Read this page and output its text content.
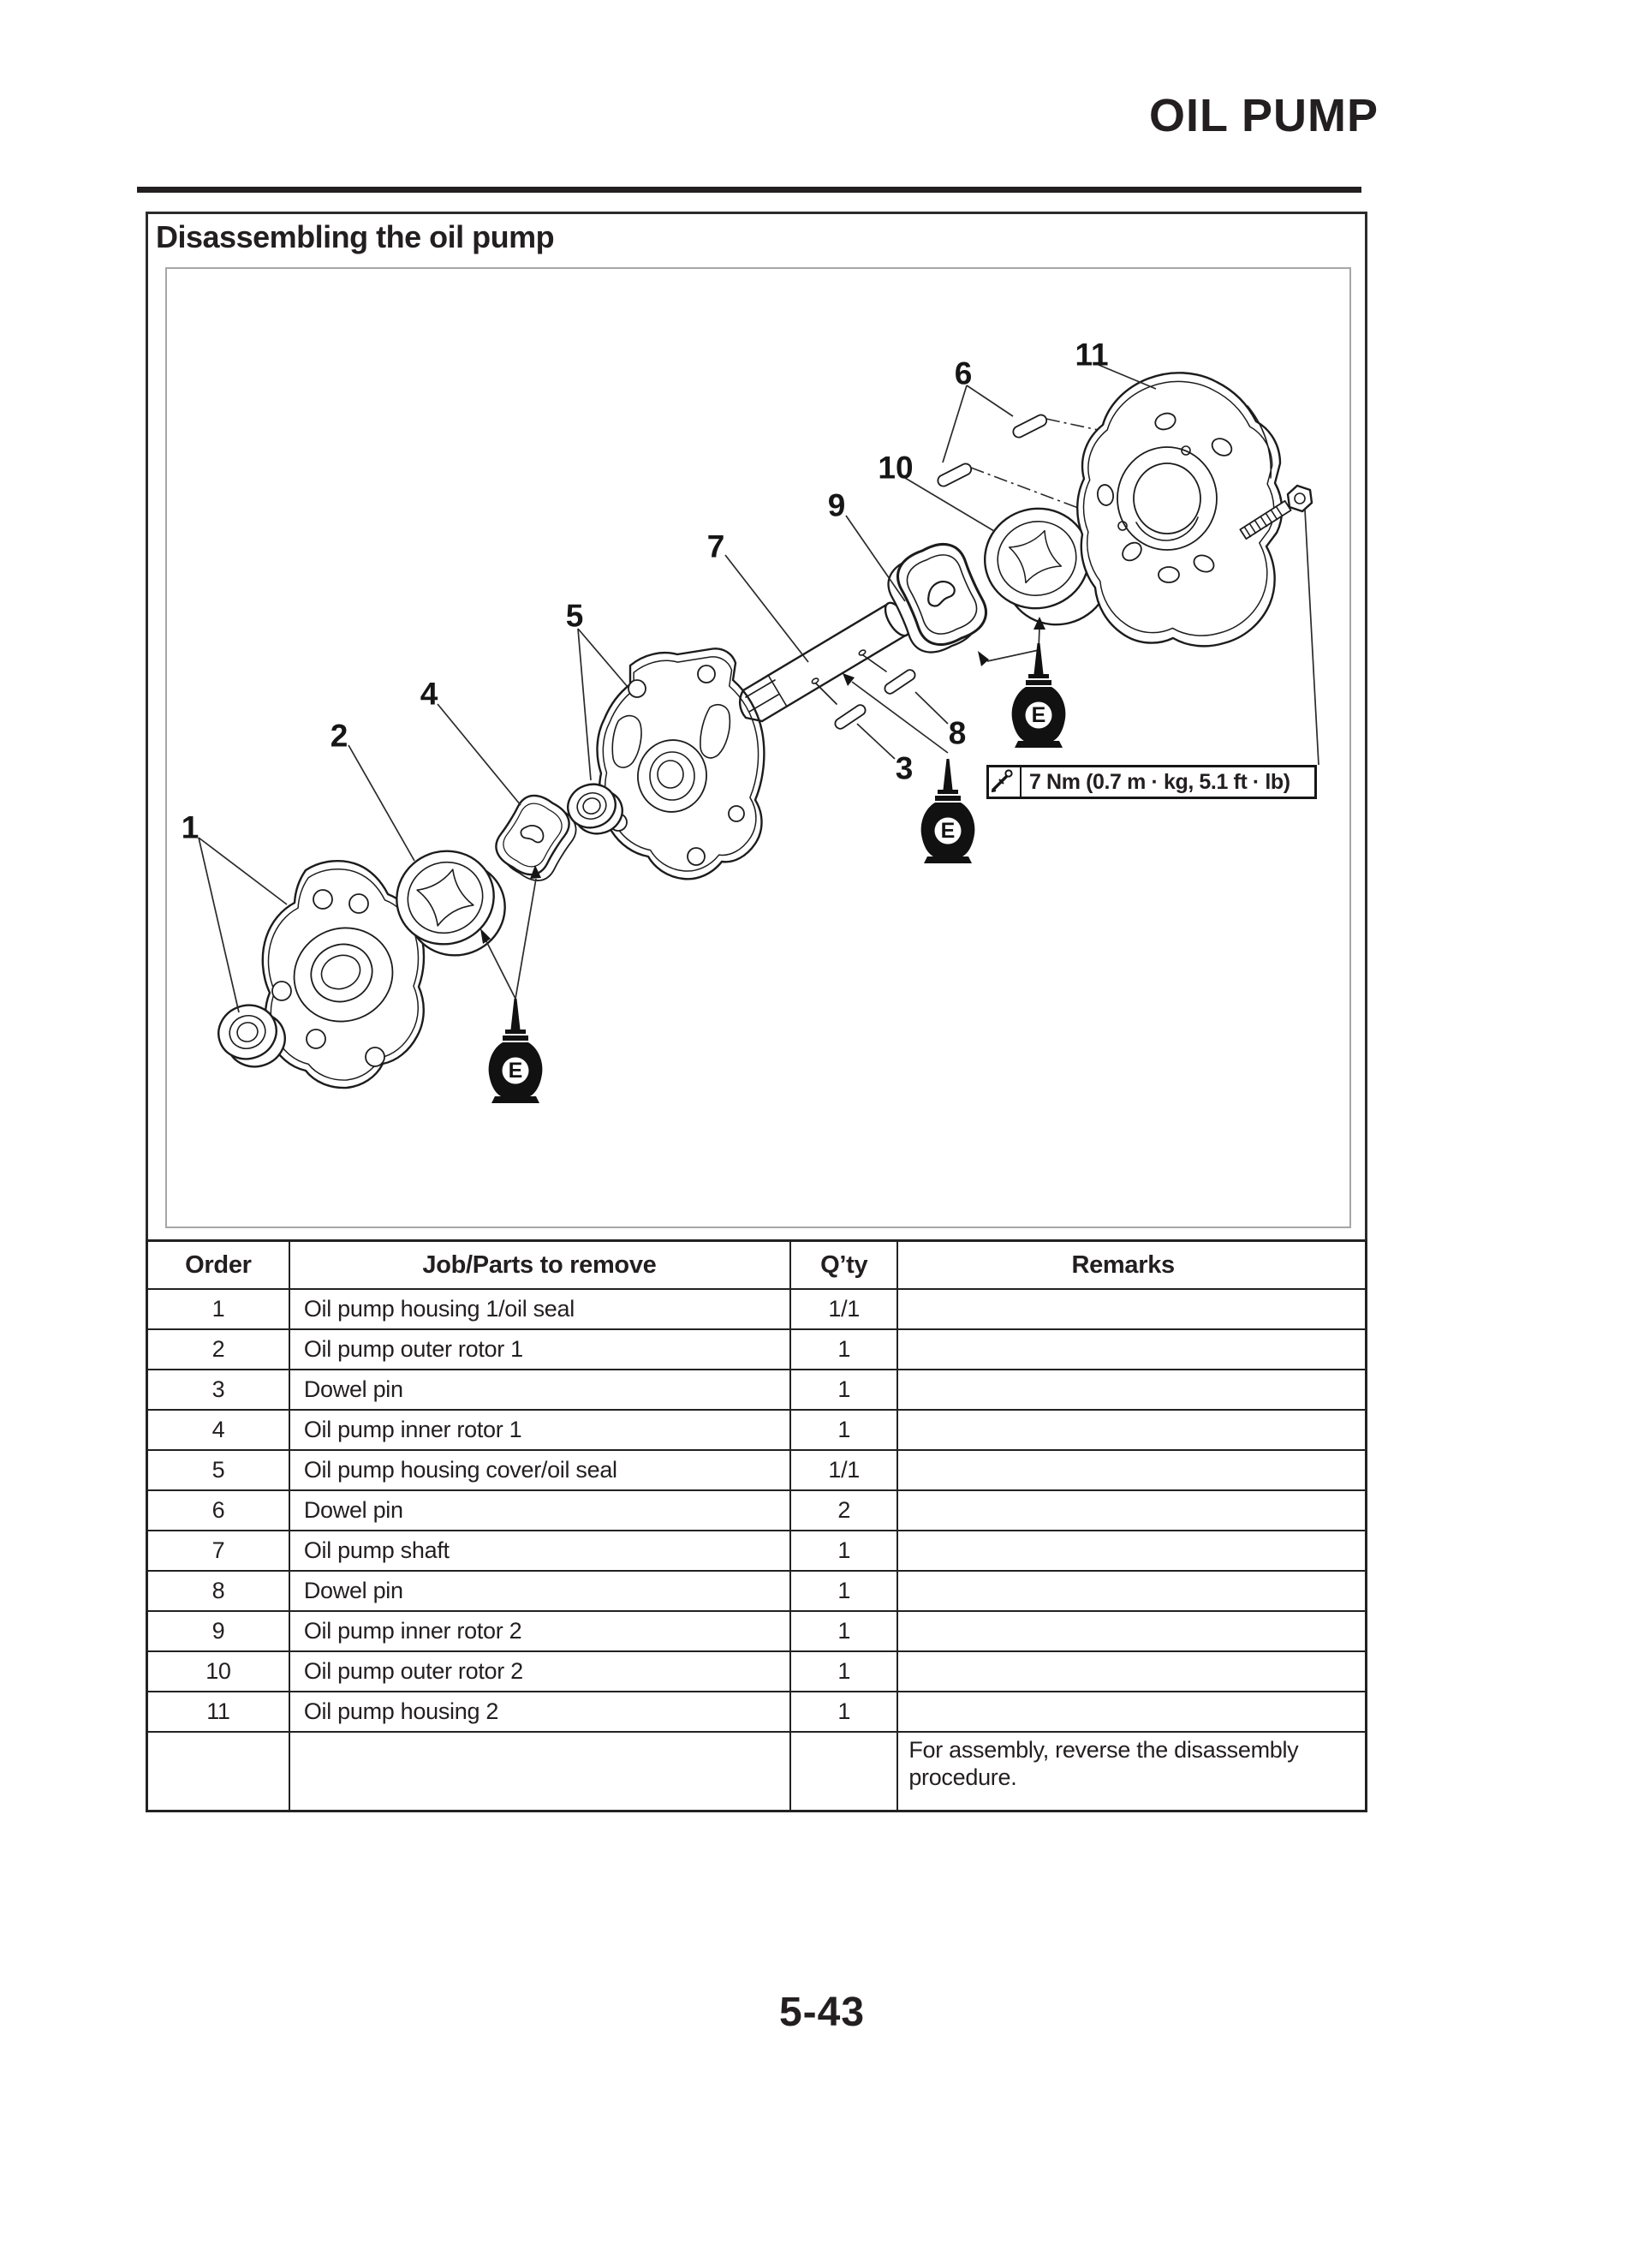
OIL PUMP
Disassembling the oil pump
E
E
E
1
2
3
4
5
6
7
8
9
10
11
7 Nm (0.7 m · kg, 5.1 ft · lb)
Order	Job/Parts to remove	Q’ty	Remarks
1	Oil pump housing 1/oil seal	1/1	
2	Oil pump outer rotor 1	1	
3	Dowel pin	1	
4	Oil pump inner rotor 1	1	
5	Oil pump housing cover/oil seal	1/1	
6	Dowel pin	2	
7	Oil pump shaft	1	
8	Dowel pin	1	
9	Oil pump inner rotor 2	1	
10	Oil pump outer rotor 2	1	
11	Oil pump housing 2	1	
			For assembly, reverse the disassembly procedure.
5-43
